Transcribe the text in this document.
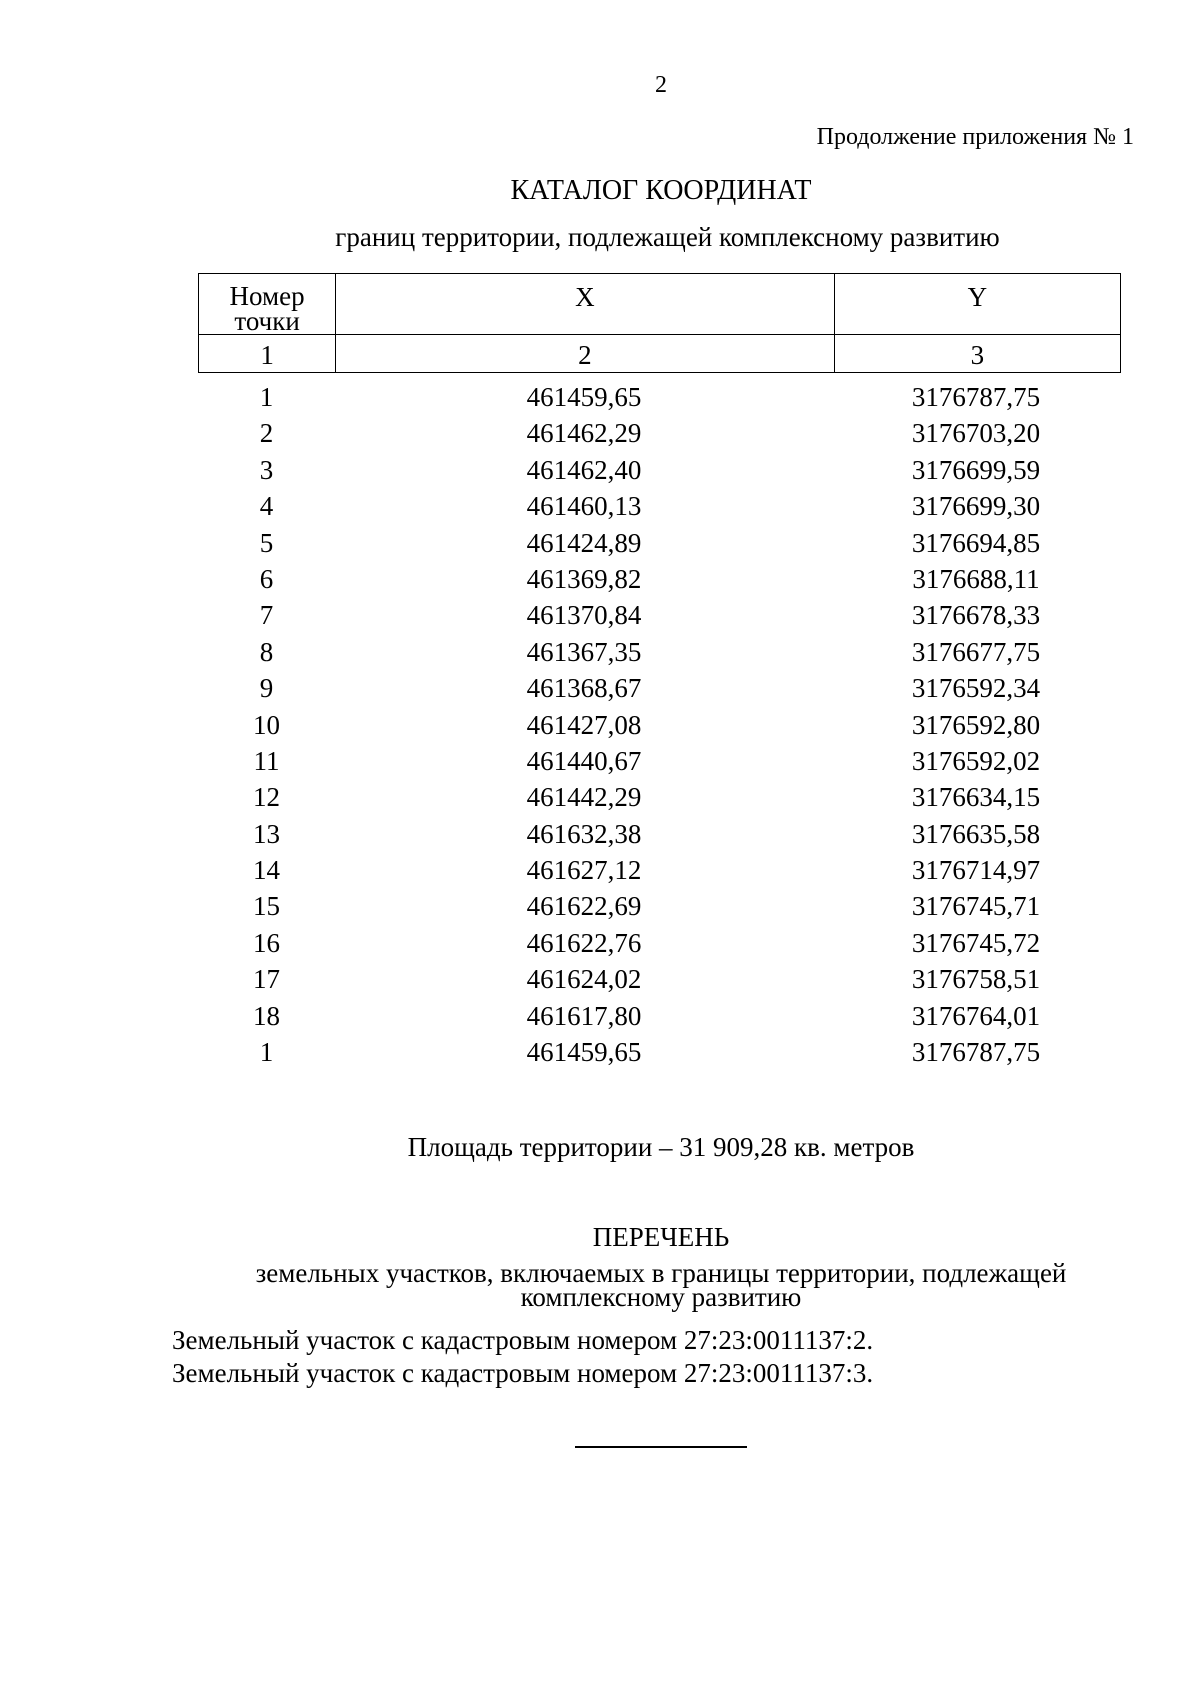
2
Продолжение приложения № 1
КАТАЛОГ КООРДИНАТ
границ территории, подлежащей комплексному развитию
Номер
точки	X	Y

1	2	3
1	461459,65	3176787,75
2	461462,29	3176703,20
3	461462,40	3176699,59
4	461460,13	3176699,30
5	461424,89	3176694,85
6	461369,82	3176688,11
7	461370,84	3176678,33
8	461367,35	3176677,75
9	461368,67	3176592,34
10	461427,08	3176592,80
11	461440,67	3176592,02
12	461442,29	3176634,15
13	461632,38	3176635,58
14	461627,12	3176714,97
15	461622,69	3176745,71
16	461622,76	3176745,72
17	461624,02	3176758,51
18	461617,80	3176764,01
1	461459,65	3176787,75
Площадь территории – 31 909,28 кв. метров
ПЕРЕЧЕНЬ
земельных участков, включаемых в границы территории, подлежащей
комплексному развитию
Земельный участок с кадастровым номером 27:23:0011137:2.
Земельный участок с кадастровым номером 27:23:0011137:3.
